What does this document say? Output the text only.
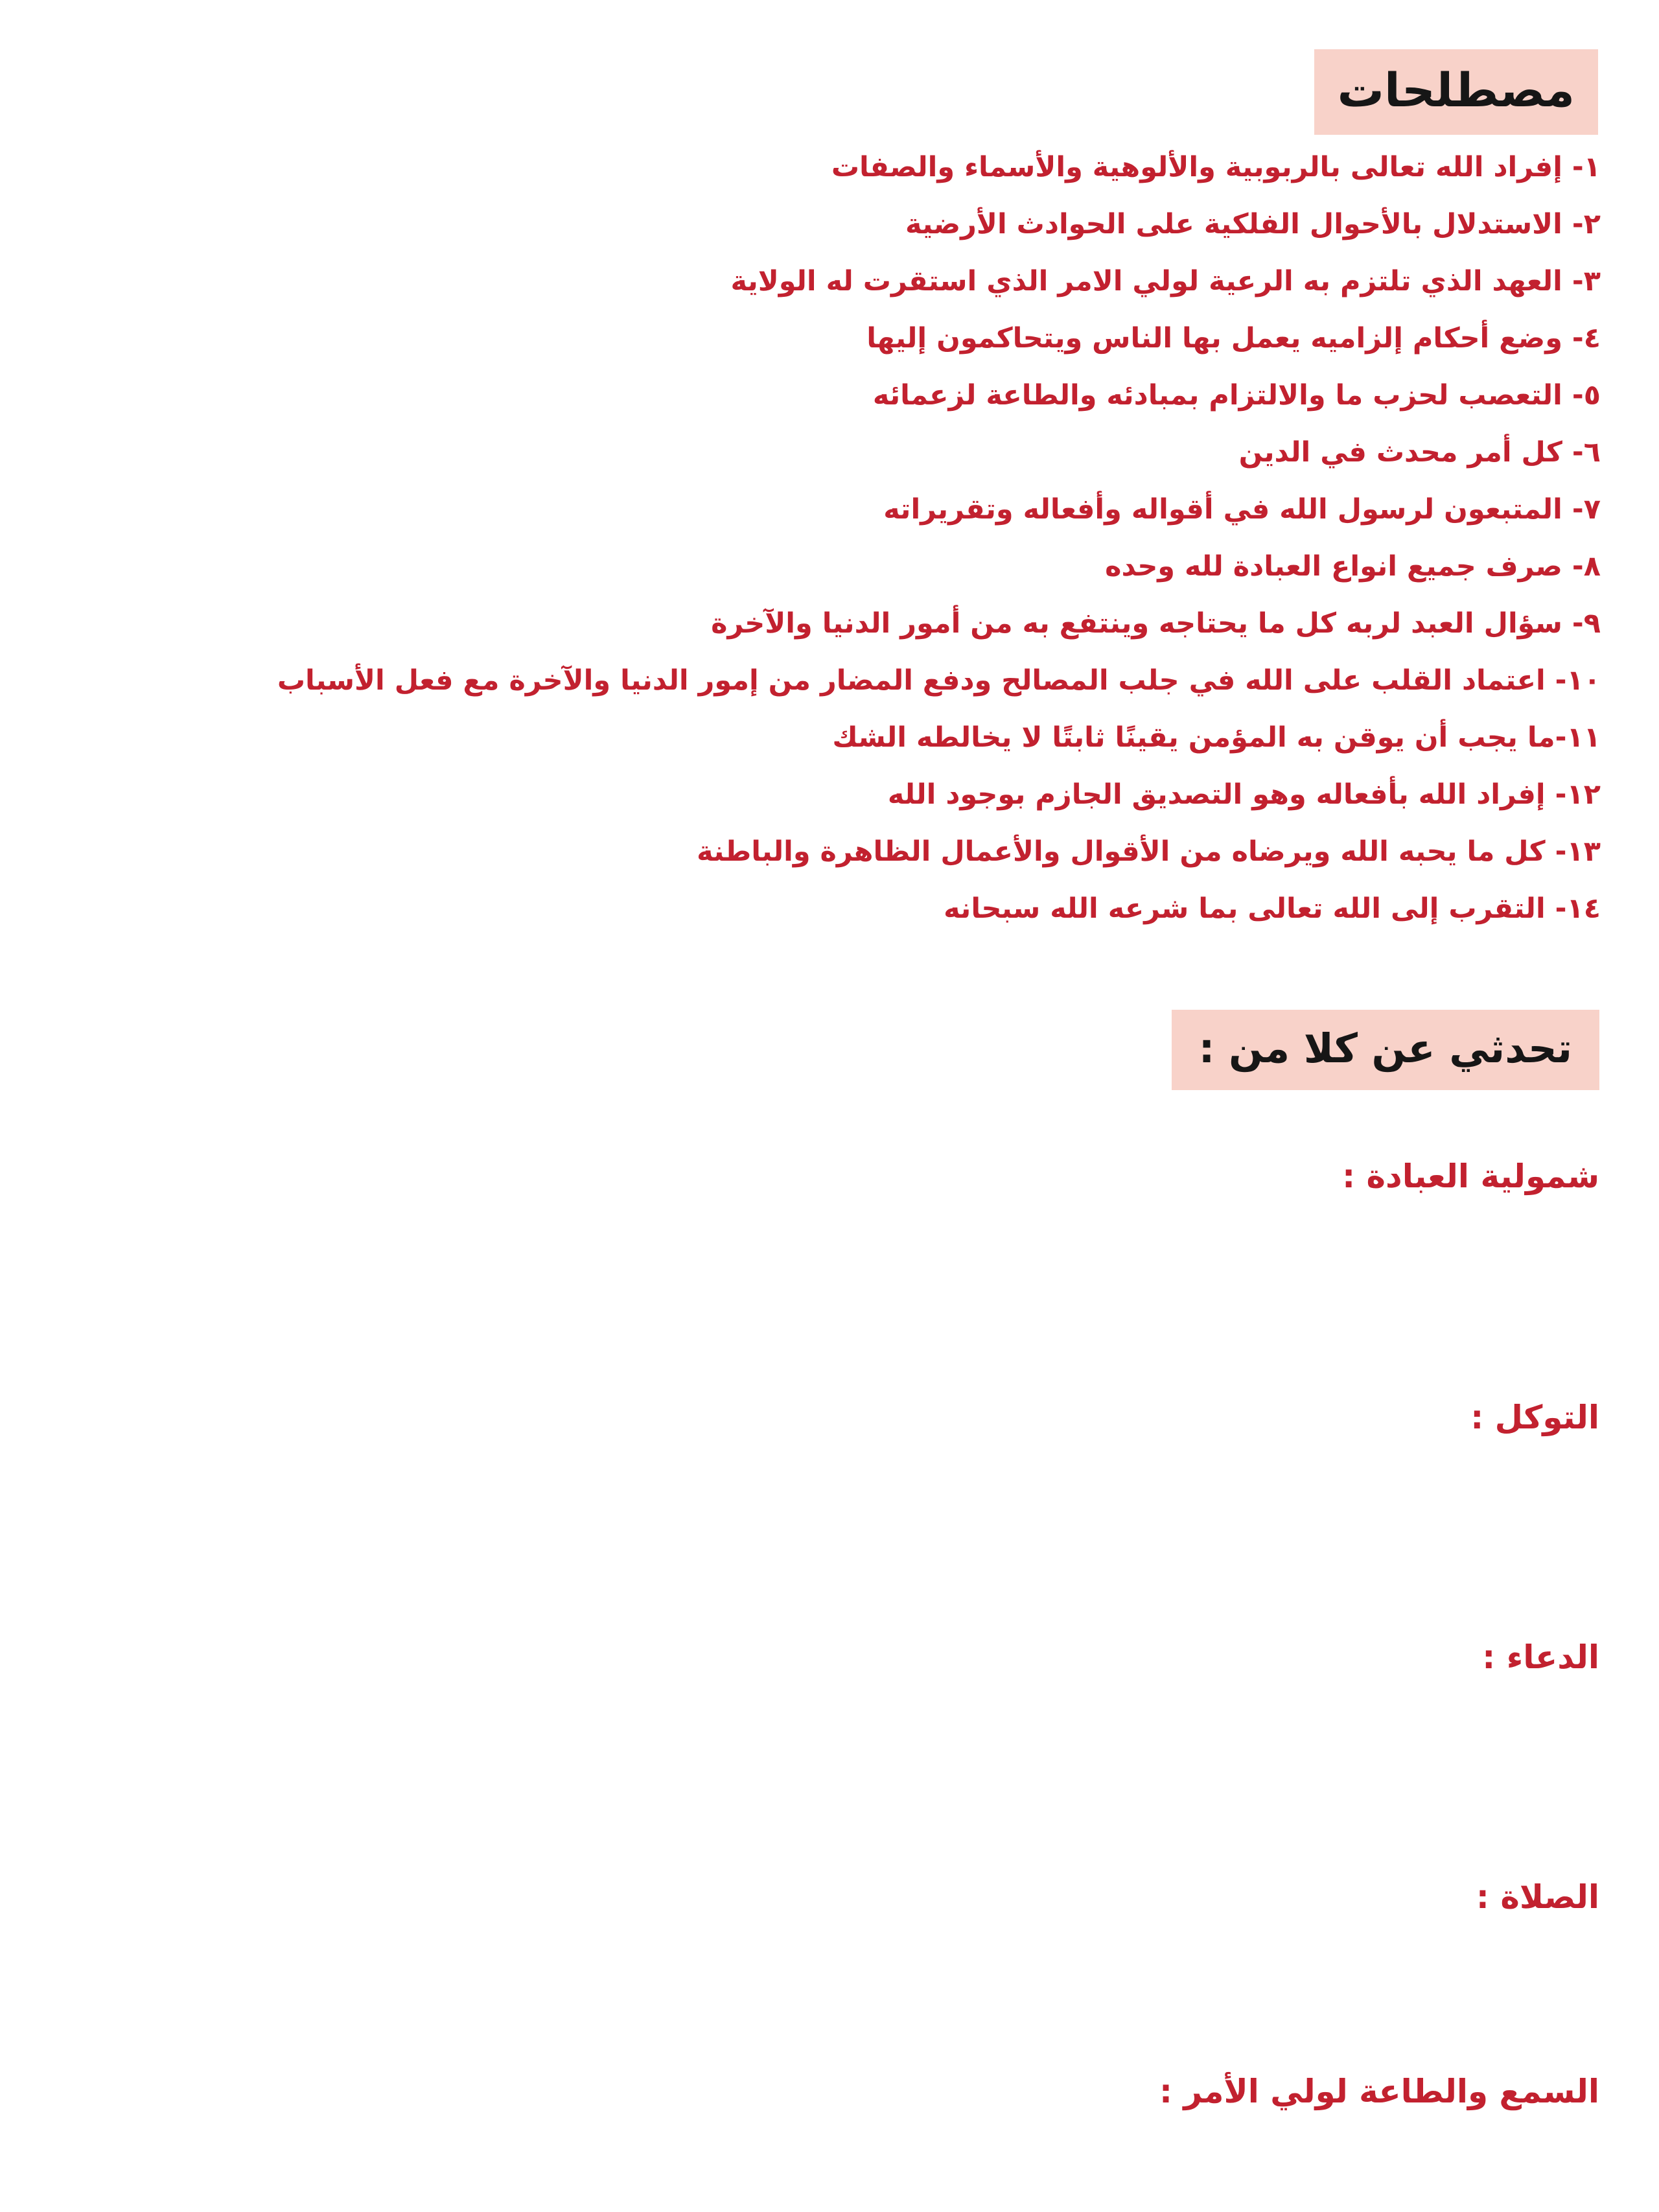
مصطلحات
١- إفراد الله تعالى بالربوبية والألوهية والأسماء والصفات
٢- الاستدلال بالأحوال الفلكية على الحوادث الأرضية
٣- العهد الذي تلتزم به الرعية لولي الامر الذي استقرت له الولاية
٤- وضع أحكام إلزاميه يعمل بها الناس ويتحاكمون إليها
٥- التعصب لحزب ما والالتزام بمبادئه والطاعة لزعمائه
٦- كل أمر محدث في الدين
٧- المتبعون لرسول الله في أقواله وأفعاله وتقريراته
٨- صرف جميع انواع العبادة لله وحده
٩- سؤال العبد لربه كل ما يحتاجه وينتفع به من أمور الدنيا والآخرة
١٠- اعتماد القلب على الله في جلب المصالح ودفع المضار من إمور الدنيا والآخرة مع فعل الأسباب
١١-ما يجب أن يوقن به المؤمن يقينًا ثابتًا لا يخالطه الشك
١٢- إفراد الله بأفعاله وهو التصديق الجازم بوجود الله
١٣- كل ما يحبه الله ويرضاه من الأقوال والأعمال الظاهرة والباطنة
١٤- التقرب إلى الله تعالى بما شرعه الله سبحانه
تحدثي عن كلا من :
شمولية العبادة :
التوكل :
الدعاء :
الصلاة :
السمع والطاعة لولي الأمر :
